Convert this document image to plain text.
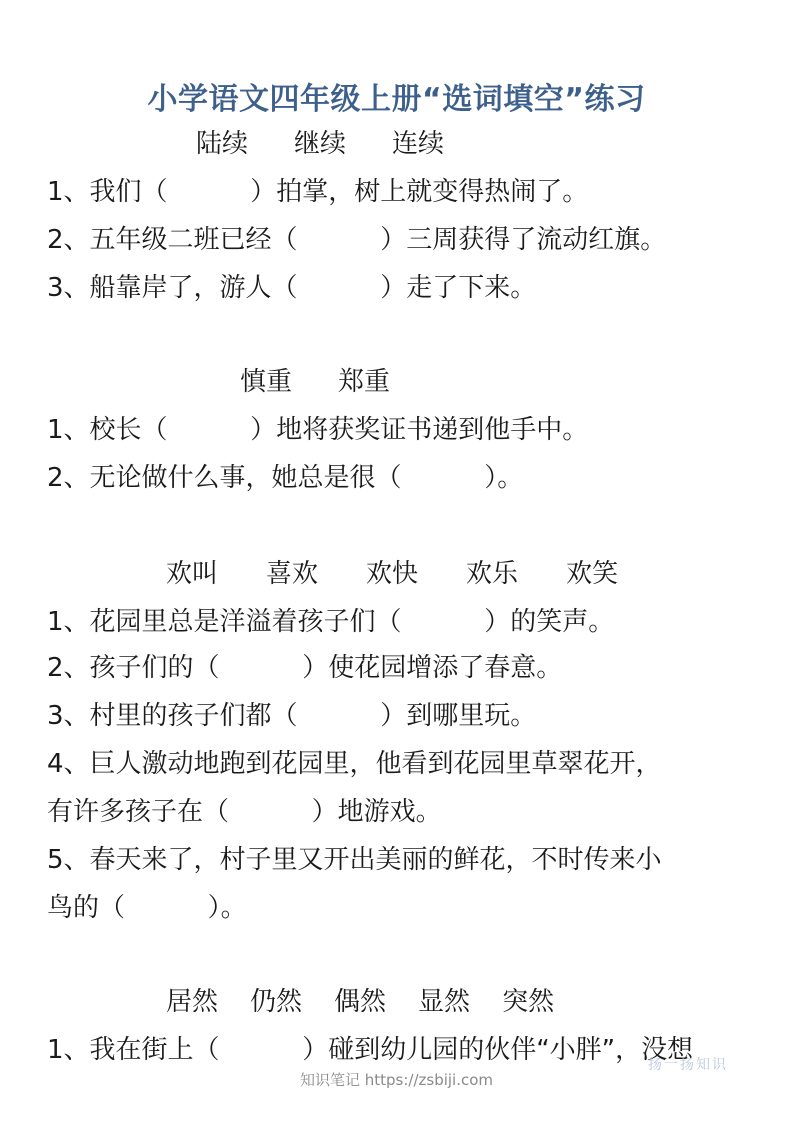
小学语文四年级上册“选词填空”练习
陆续 继续 连续
1、我们（          ）拍掌，树上就变得热闹了。
2、五年级二班已经（          ）三周获得了流动红旗。
3、船靠岸了，游人（          ）走了下来。
慎重 郑重
1、校长（          ）地将获奖证书递到他手中。
2、无论做什么事，她总是很（          ）。
欢叫 喜欢 欢快 欢乐 欢笑
1、花园里总是洋溢着孩子们（          ）的笑声。
2、孩子们的（          ）使花园增添了春意。
3、村里的孩子们都（          ）到哪里玩。
4、巨人激动地跑到花园里，他看到花园里草翠花开，
有许多孩子在（          ）地游戏。
5、春天来了，村子里又开出美丽的鲜花，不时传来小
鸟的（          ）。
居然 仍然 偶然 显然 突然
1、我在街上（          ）碰到幼儿园的伙伴“小胖”，没想
扬一扬知识
知识笔记 https://zsbiji.com
